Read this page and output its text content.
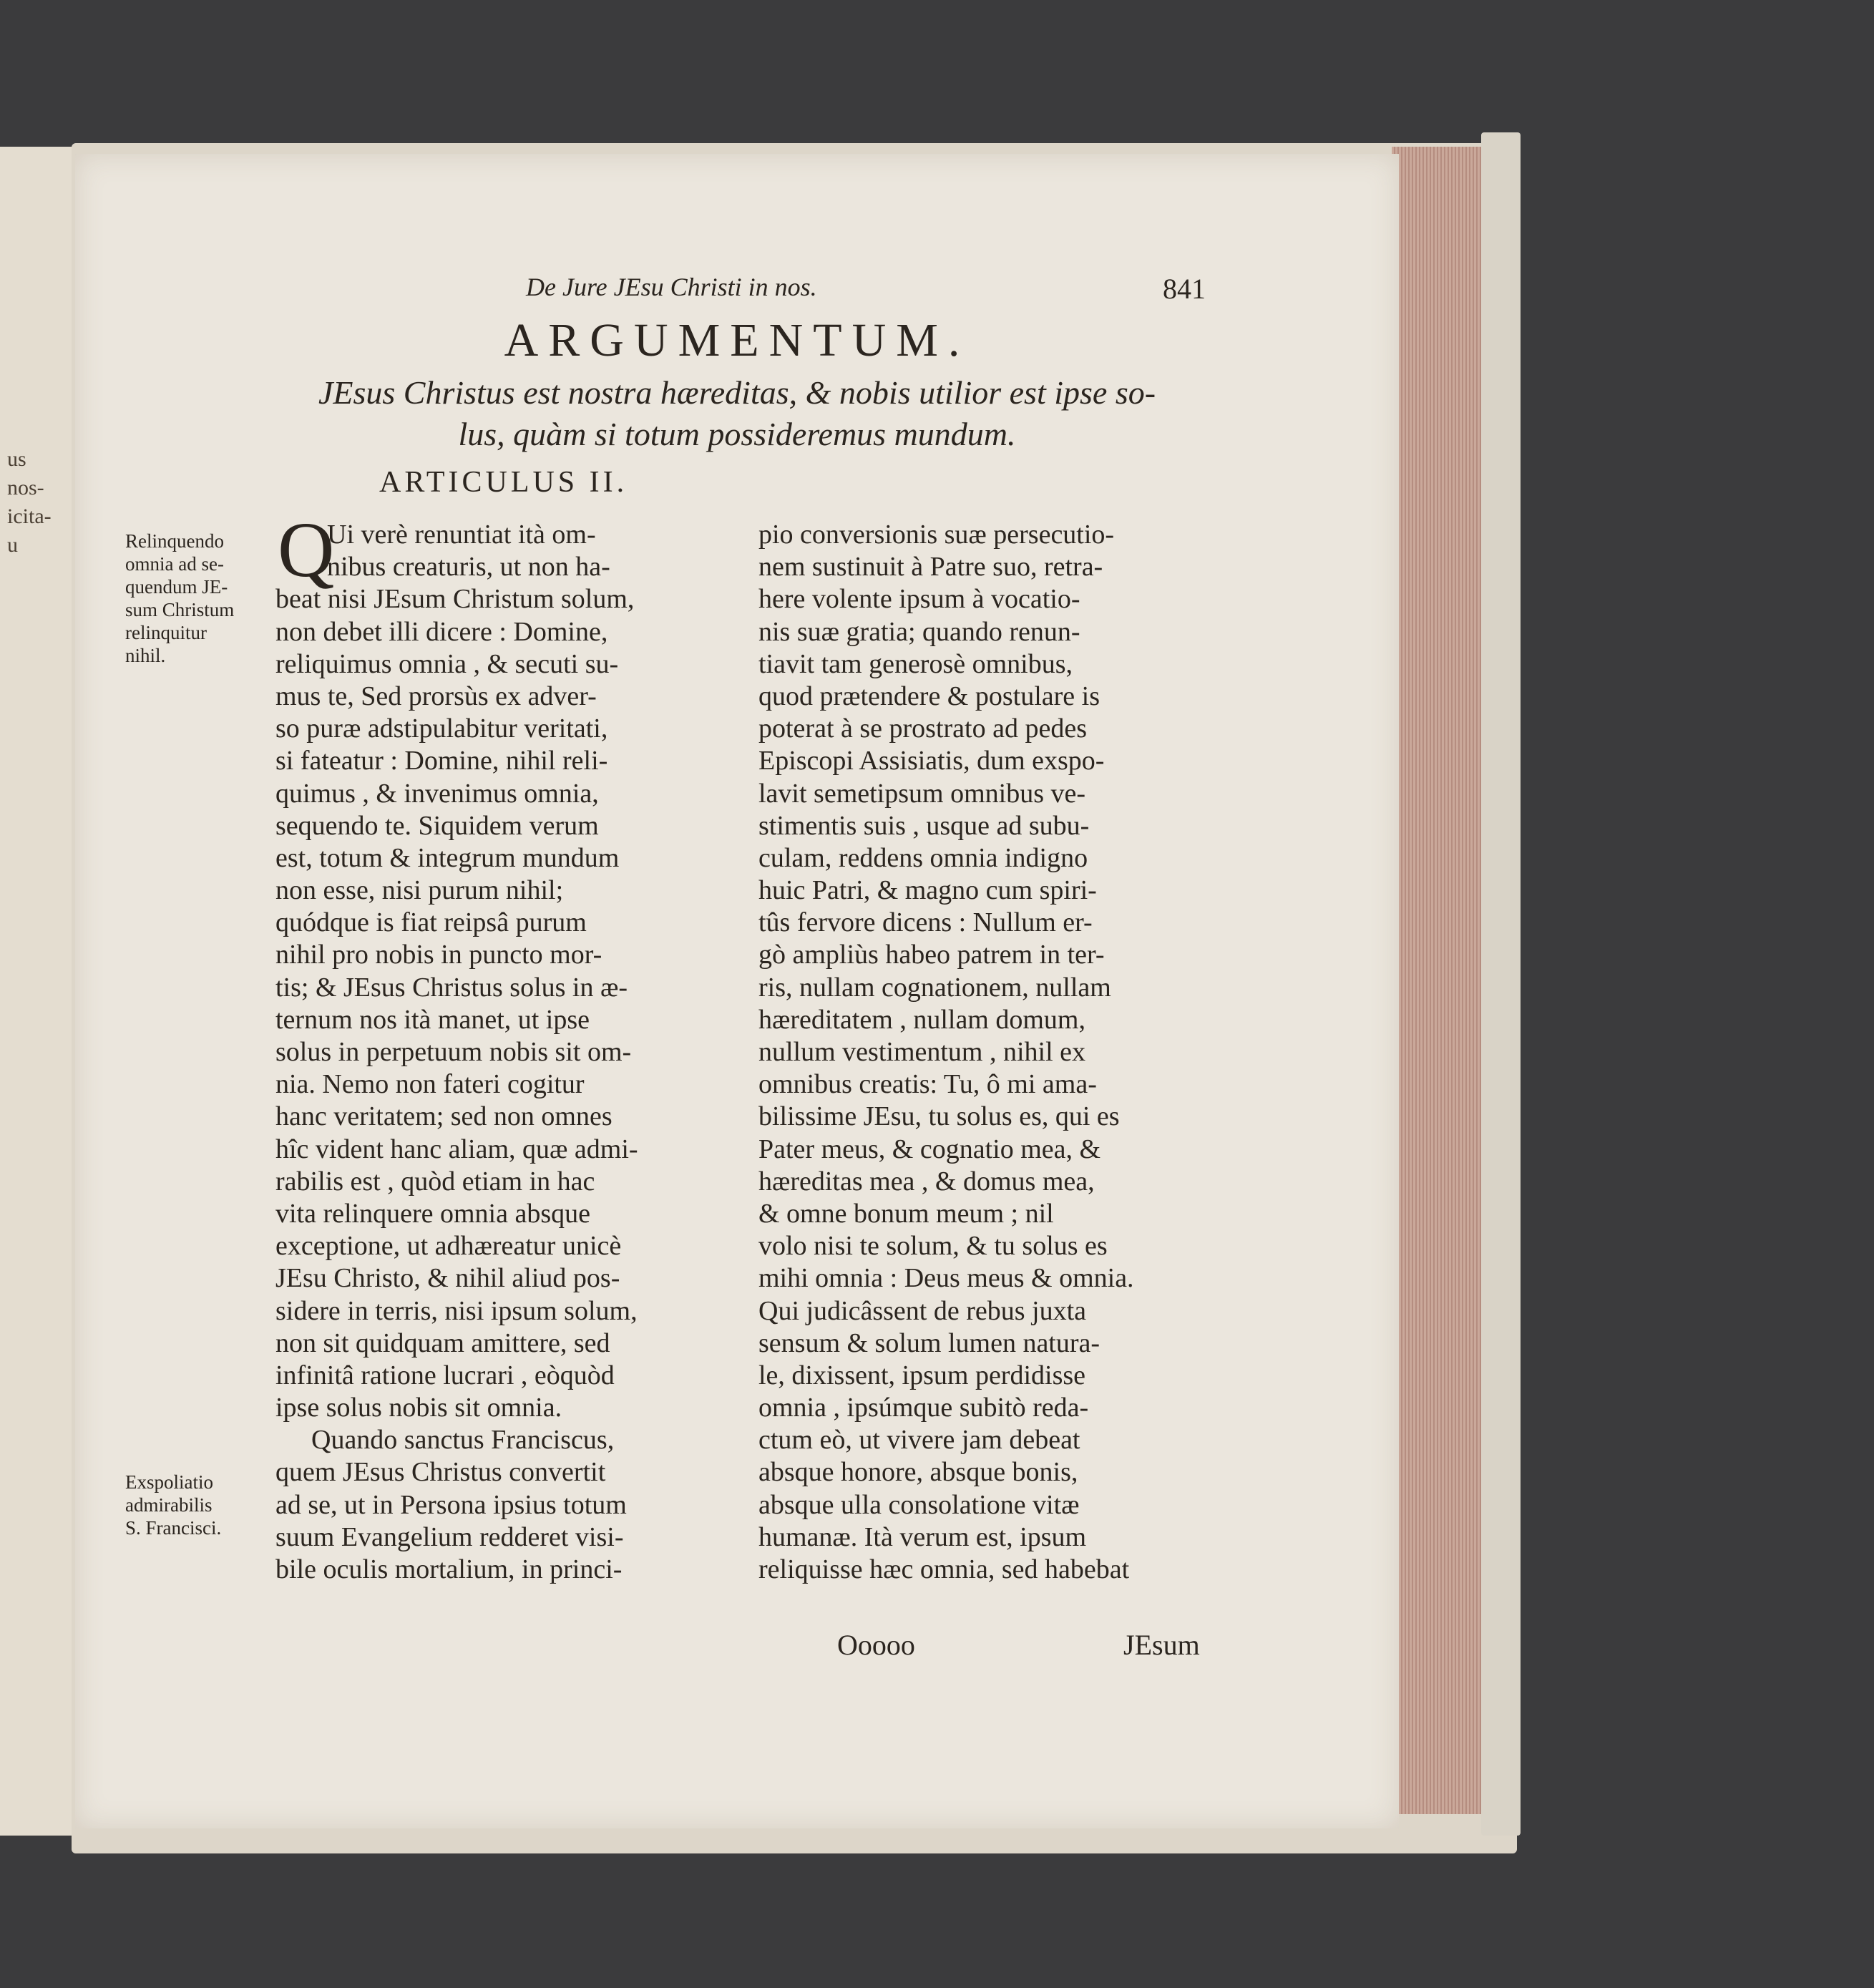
us
nos-
icita-
u
De Jure JEsu Christi in nos.	841
ARGUMENTUM.
JEsus Christus est nostra hæreditas, & nobis utilior est ipse so-
lus, quàm si totum possideremus mundum.
ARTICULUS II.
Relinquendo
omnia ad se-
quendum JE-
sum Christum
relinquitur
nihil.
Exspoliatio
admirabilis
S. Francisci.
Q
Ui verè renuntiat ità om-
nibus creaturis, ut non ha-
beat nisi JEsum Christum solum,
non debet illi dicere : Domine,
reliquimus omnia , & secuti su-
mus te, Sed prorsùs ex adver-
so puræ adstipulabitur veritati,
si fateatur : Domine, nihil reli-
quimus , & invenimus omnia,
sequendo te. Siquidem verum
est, totum & integrum mundum
non esse, nisi purum nihil;
quódque is fiat reipsâ purum
nihil pro nobis in puncto mor-
tis; & JEsus Christus solus in æ-
ternum nos ità manet, ut ipse
solus in perpetuum nobis sit om-
nia. Nemo non fateri cogitur
hanc veritatem; sed non omnes
hîc vident hanc aliam, quæ admi-
rabilis est , quòd etiam in hac
vita relinquere omnia absque
exceptione, ut adhæreatur unicè
JEsu Christo, & nihil aliud pos-
sidere in terris, nisi ipsum solum,
non sit quidquam amittere, sed
infinitâ ratione lucrari , eòquòd
ipse solus nobis sit omnia.
Quando sanctus Franciscus,
quem JEsus Christus convertit
ad se, ut in Persona ipsius totum
suum Evangelium redderet visi-
bile oculis mortalium, in princi-
pio conversionis suæ persecutio-
nem sustinuit à Patre suo, retra-
here volente ipsum à vocatio-
nis suæ gratia; quando renun-
tiavit tam generosè omnibus,
quod prætendere & postulare is
poterat à se prostrato ad pedes
Episcopi Assisiatis, dum exspo-
lavit semetipsum omnibus ve-
stimentis suis , usque ad subu-
culam, reddens omnia indigno
huic Patri, & magno cum spiri-
tûs fervore dicens : Nullum er-
gò ampliùs habeo patrem in ter-
ris, nullam cognationem, nullam
hæreditatem , nullam domum,
nullum vestimentum , nihil ex
omnibus creatis: Tu, ô mi ama-
bilissime JEsu, tu solus es, qui es
Pater meus, & cognatio mea, &
hæreditas mea , & domus mea,
& omne bonum meum ; nil
volo nisi te solum, & tu solus es
mihi omnia : Deus meus & omnia.
Qui judicâssent de rebus juxta
sensum & solum lumen natura-
le, dixissent, ipsum perdidisse
omnia , ipsúmque subitò reda-
ctum eò, ut vivere jam debeat
absque honore, absque bonis,
absque ulla consolatione vitæ
humanæ. Ità verum est, ipsum
reliquisse hæc omnia, sed habebat
Ooooo	JEsum
